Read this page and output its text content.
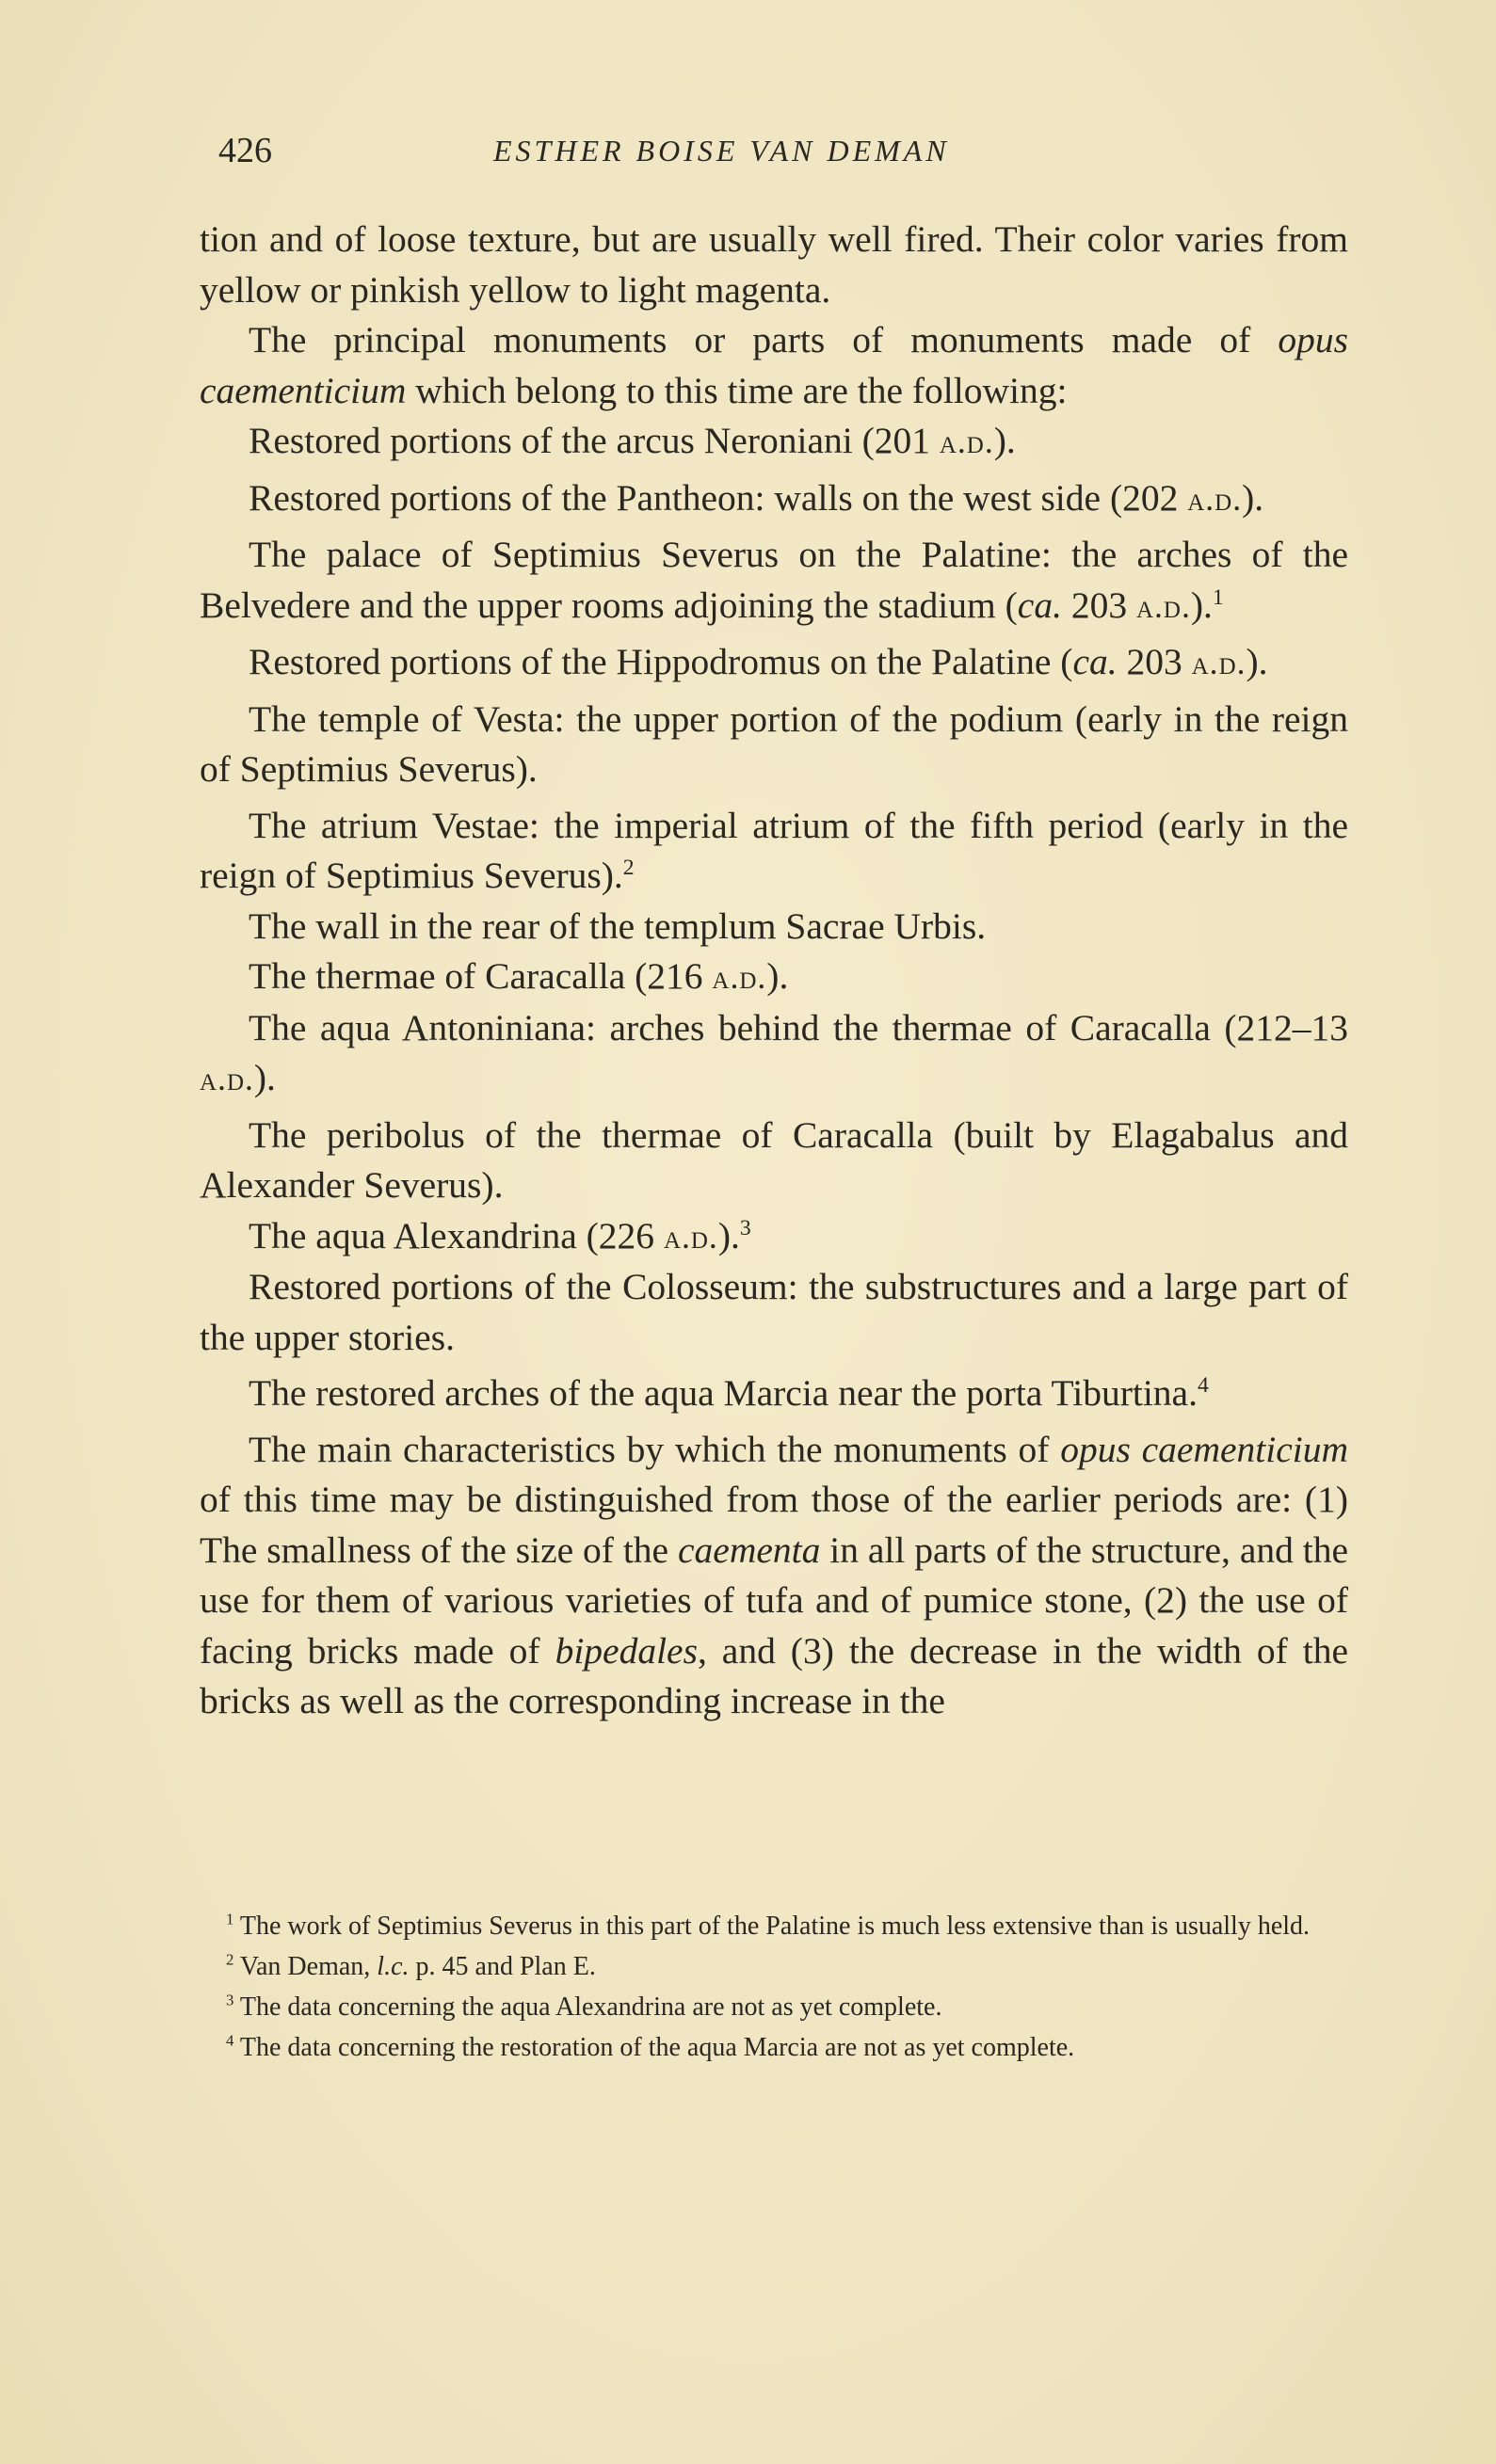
426	ESTHER BOISE VAN DEMAN

tion and of loose texture, but are usually well fired. Their color varies from yellow or pinkish yellow to light magenta.

The principal monuments or parts of monuments made of opus caementicium which belong to this time are the following:

Restored portions of the arcus Neroniani (201 a.d.).

Restored portions of the Pantheon: walls on the west side (202 a.d.).

The palace of Septimius Severus on the Palatine: the arches of the Belvedere and the upper rooms adjoining the stadium (ca. 203 a.d.).$^1$

Restored portions of the Hippodromus on the Palatine (ca. 203 a.d.).

The temple of Vesta: the upper portion of the podium (early in the reign of Septimius Severus).

The atrium Vestae: the imperial atrium of the fifth period (early in the reign of Septimius Severus).$^2$

The wall in the rear of the templum Sacrae Urbis.

The thermae of Caracalla (216 a.d.).

The aqua Antoniniana: arches behind the thermae of Caracalla (212–13 a.d.).

The peribolus of the thermae of Caracalla (built by Elagabalus and Alexander Severus).

The aqua Alexandrina (226 a.d.).$^3$

Restored portions of the Colosseum: the substructures and a large part of the upper stories.

The restored arches of the aqua Marcia near the porta Tiburtina.$^4$

The main characteristics by which the monuments of opus caementicium of this time may be distinguished from those of the earlier periods are: (1) The smallness of the size of the caementa in all parts of the structure, and the use for them of various varieties of tufa and of pumice stone, (2) the use of facing bricks made of bipedales, and (3) the decrease in the width of the bricks as well as the corresponding increase in the

$^1$ The work of Septimius Severus in this part of the Palatine is much less extensive than is usually held.

$^2$ Van Deman, l.c. p. 45 and Plan E.

$^3$ The data concerning the aqua Alexandrina are not as yet complete.

$^4$ The data concerning the restoration of the aqua Marcia are not as yet complete.
